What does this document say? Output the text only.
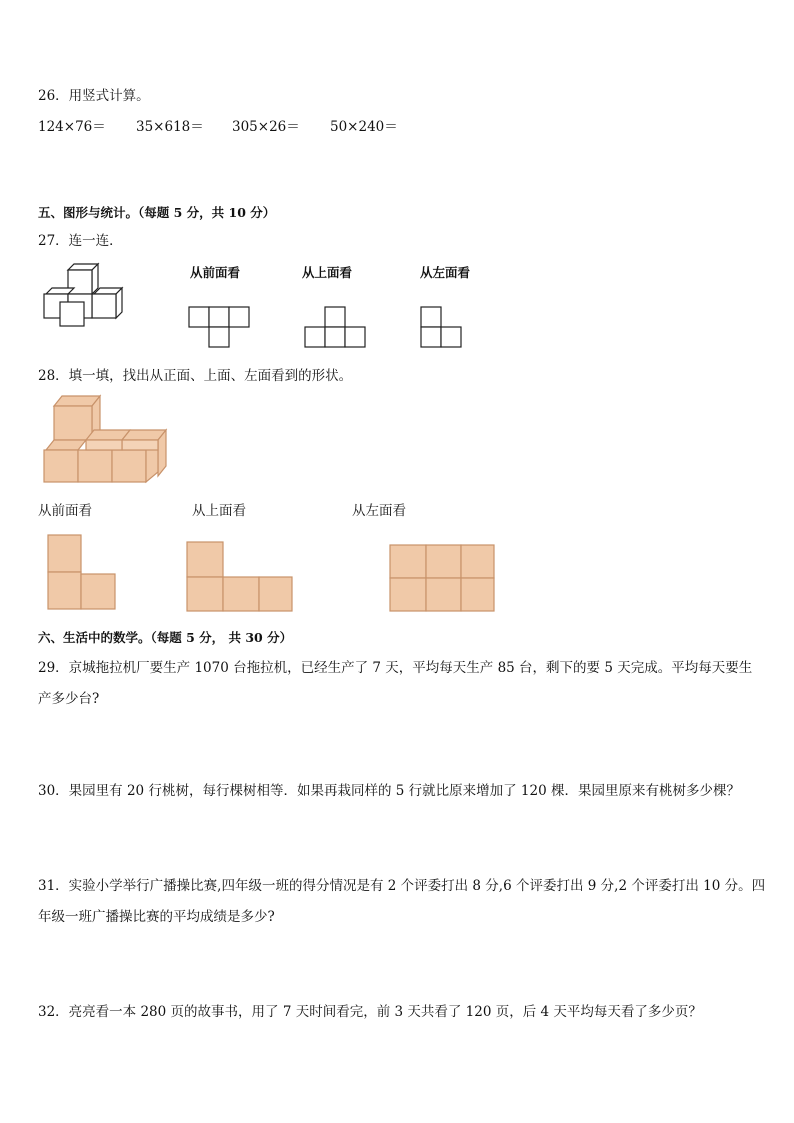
26．用竖式计算。
124×76＝ 35×618＝ 305×26＝ 50×240＝
五、图形与统计。（每题 5 分，共 10 分）
27．连一连．
从前面看	从上面看	从左面看
28．填一填，找出从正面、上面、左面看到的形状。
从前面看	从上面看	从左面看
六、生活中的数学。（每题 5 分， 共 30 分）
29．京城拖拉机厂要生产 1070 台拖拉机，已经生产了 7 天，平均每天生产 85 台，剩下的要 5 天完成。平均每天要生
产多少台?
30．果园里有 20 行桃树，每行棵树相等．如果再栽同样的 5 行就比原来增加了 120 棵．果园里原来有桃树多少棵？
31．实验小学举行广播操比赛,四年级一班的得分情况是有 2 个评委打出 8 分,6 个评委打出 9 分,2 个评委打出 10 分。四
年级一班广播操比赛的平均成绩是多少?
32．亮亮看一本 280 页的故事书，用了 7 天时间看完，前 3 天共看了 120 页，后 4 天平均每天看了多少页？
